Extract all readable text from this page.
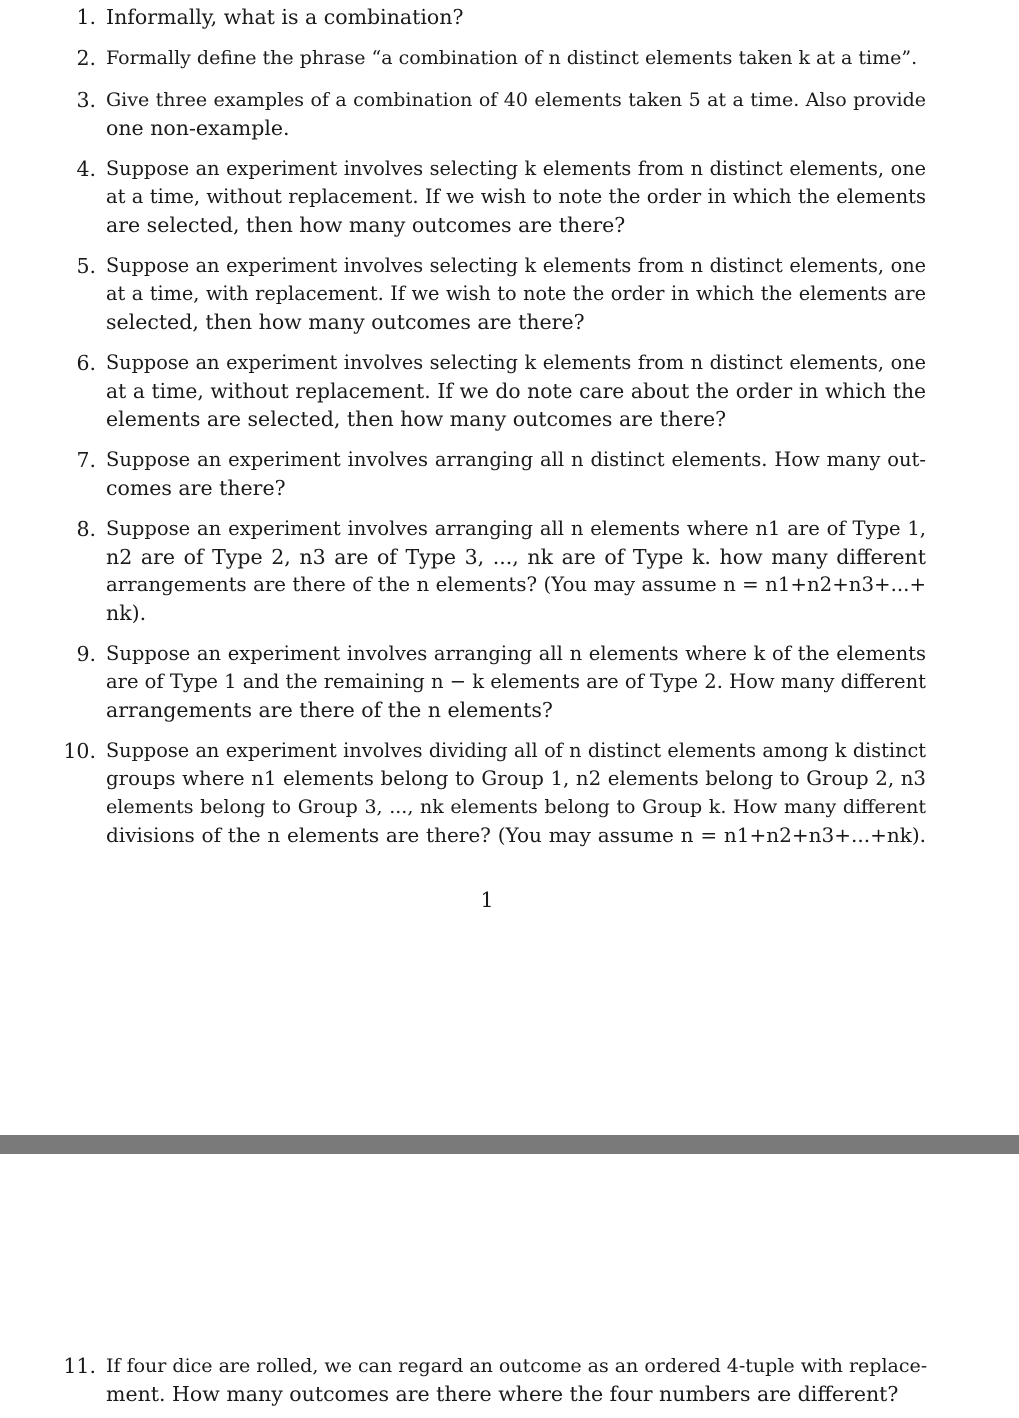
1. Informally, what is a combination?
2. Formally define the phrase “a combination of n distinct elements taken k at a time”.
3. Give three examples of a combination of 40 elements taken 5 at a time. Also provide
one non-example.
4. Suppose an experiment involves selecting k elements from n distinct elements, one
at a time, without replacement. If we wish to note the order in which the elements
are selected, then how many outcomes are there?
5. Suppose an experiment involves selecting k elements from n distinct elements, one
at a time, with replacement. If we wish to note the order in which the elements are
selected, then how many outcomes are there?
6. Suppose an experiment involves selecting k elements from n distinct elements, one
at a time, without replacement. If we do note care about the order in which the
elements are selected, then how many outcomes are there?
7. Suppose an experiment involves arranging all n distinct elements. How many out-
comes are there?
8. Suppose an experiment involves arranging all n elements where n1 are of Type 1,
n2 are of Type 2, n3 are of Type 3, ..., nk are of Type k. how many different
arrangements are there of the n elements? (You may assume n = n1+n2+n3+...+
nk).
9. Suppose an experiment involves arranging all n elements where k of the elements
are of Type 1 and the remaining n − k elements are of Type 2. How many different
arrangements are there of the n elements?
10. Suppose an experiment involves dividing all of n distinct elements among k distinct
groups where n1 elements belong to Group 1, n2 elements belong to Group 2, n3
elements belong to Group 3, ..., nk elements belong to Group k. How many different
divisions of the n elements are there? (You may assume n = n1+n2+n3+...+nk).
1
11. If four dice are rolled, we can regard an outcome as an ordered 4-tuple with replace-
ment. How many outcomes are there where the four numbers are different?
